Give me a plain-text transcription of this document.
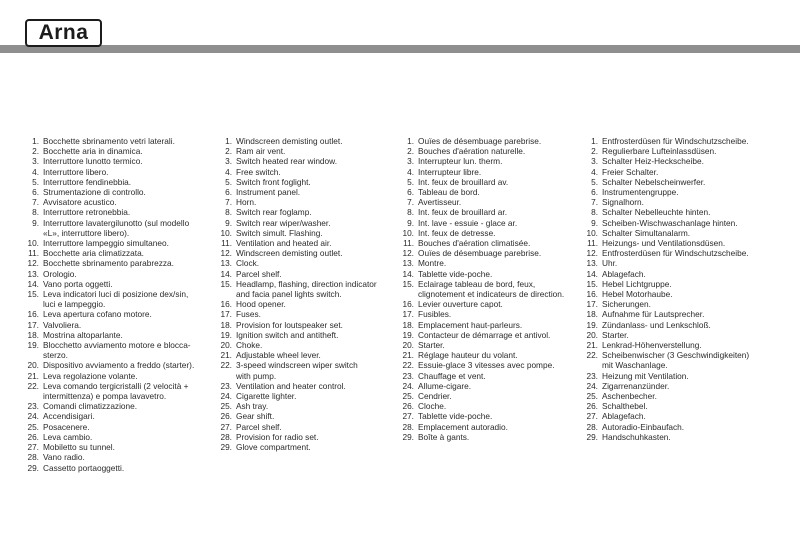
Arna
1. Bocchette sbrinamento vetri laterali.
2. Bocchette aria in dinamica.
3. Interruttore lunotto termico.
4. Interruttore libero.
5. Interruttore fendinebbia.
6. Strumentazione di controllo.
7. Avvisatore acustico.
8. Interruttore retronebbia.
9. Interruttore lavatergilunotto (sul modello
«L», interruttore libero).
10. Interruttore lampeggio simultaneo.
11. Bocchette aria climatizzata.
12. Bocchette sbrinamento parabrezza.
13. Orologio.
14. Vano porta oggetti.
15. Leva indicatori luci di posizione dex/sin,
luci e lampeggio.
16. Leva apertura cofano motore.
17. Valvoliera.
18. Mostrina altoparlante.
19. Blocchetto avviamento motore e blocca-
sterzo.
20. Dispositivo avviamento a freddo (starter).
21. Leva regolazione volante.
22. Leva comando tergicristalli (2 velocità +
intermittenza) e pompa lavavetro.
23. Comandi climatizzazione.
24. Accendisigari.
25. Posacenere.
26. Leva cambio.
27. Mobiletto su tunnel.
28. Vano radio.
29. Cassetto portaoggetti.
1. Windscreen demisting outlet.
2. Ram air vent.
3. Switch heated rear window.
4. Free switch.
5. Switch front foglight.
6. Instrument panel.
7. Horn.
8. Switch rear foglamp.
9. Switch rear wiper/washer.
10. Switch simult. Flashing.
11. Ventilation and heated air.
12. Windscreen demisting outlet.
13. Clock.
14. Parcel shelf.
15. Headlamp, flashing, direction indicator
and facia panel lights switch.
16. Hood opener.
17. Fuses.
18. Provision for loutspeaker set.
19. Ignition switch and antitheft.
20. Choke.
21. Adjustable wheel lever.
22. 3-speed windscreen wiper switch
with pump.
23. Ventilation and heater control.
24. Cigarette lighter.
25. Ash tray.
26. Gear shift.
27. Parcel shelf.
28. Provision for radio set.
29. Glove compartment.
1. Ouïes de désembuage parebrise.
2. Bouches d'aération naturelle.
3. Interrupteur lun. therm.
4. Interrupteur libre.
5. Int. feux de brouillard av.
6. Tableau de bord.
7. Avertisseur.
8. Int. feux de brouillard ar.
9. Int. lave - essuie - glace ar.
10. Int. feux de detresse.
11. Bouches d'aération climatisée.
12. Ouïes de désembuage parebrise.
13. Montre.
14. Tablette vide-poche.
15. Eclairage tableau de bord, feux,
clignotement et indicateurs de direction.
16. Levier ouverture capot.
17. Fusibles.
18. Emplacement haut-parleurs.
19. Contacteur de démarrage et antivol.
20. Starter.
21. Réglage hauteur du volant.
22. Essuie-glace 3 vitesses avec pompe.
23. Chauffage et vent.
24. Allume-cigare.
25. Cendrier.
26. Cloche.
27. Tablette vide-poche.
28. Emplacement autoradio.
29. Boîte à gants.
1. Entfrosterdüsen für Windschutzscheibe.
2. Regulierbare Lufteinlassdüsen.
3. Schalter Heiz-Heckscheibe.
4. Freier Schalter.
5. Schalter Nebelscheinwerfer.
6. Instrumentengruppe.
7. Signalhorn.
8. Schalter Nebelleuchte hinten.
9. Scheiben-Wischwaschanlage hinten.
10. Schalter Simultanalarm.
11. Heizungs- und Ventilationsdüsen.
12. Entfrosterdüsen für Windschutzscheibe.
13. Uhr.
14. Ablagefach.
15. Hebel Lichtgruppe.
16. Hebel Motorhaube.
17. Sicherungen.
18. Aufnahme für Lautsprecher.
19. Zündanlass- und Lenkschloß.
20. Starter.
21. Lenkrad-Höhenverstellung.
22. Scheibenwischer (3 Geschwindigkeiten)
mit Waschanlage.
23. Heizung mit Ventilation.
24. Zigarrenanzünder.
25. Aschenbecher.
26. Schalthebel.
27. Ablagefach.
28. Autoradio-Einbaufach.
29. Handschuhkasten.
